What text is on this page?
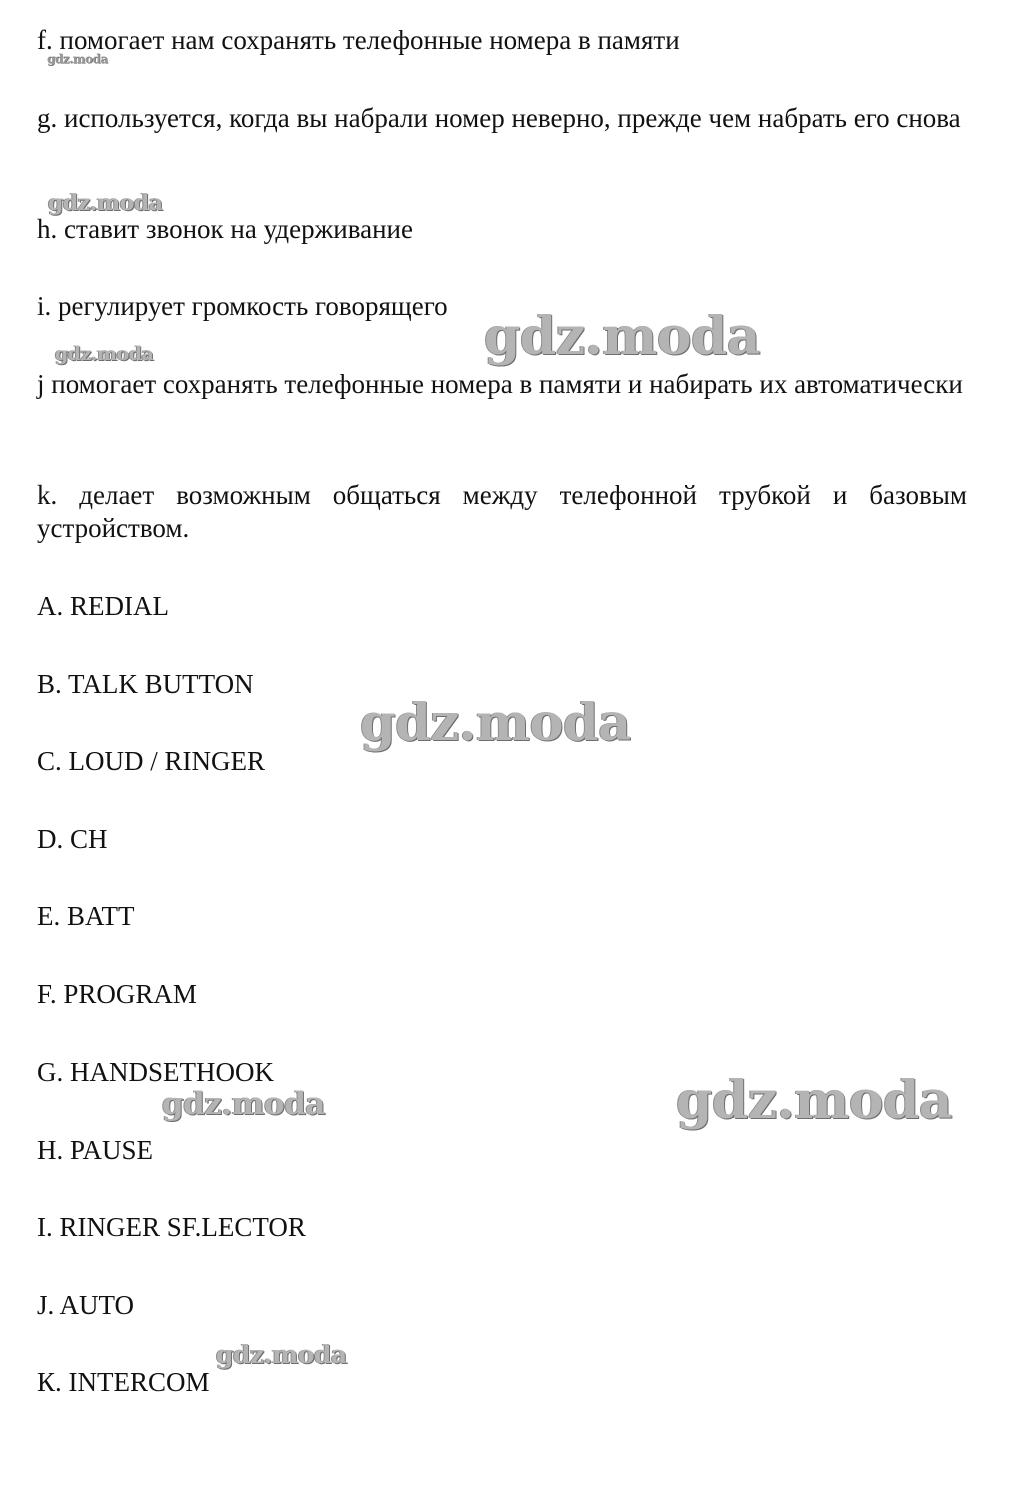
f. помогает нам сохранять телефонные номера в памяти

g. используется, когда вы набрали номер неверно, прежде чем набрать его снова

h. ставит звонок на удерживание

i. регулирует громкость говорящего

j помогает сохранять телефонные номера в памяти и набирать их автоматически

k. делает возможным общаться между телефонной трубкой и базовым устройством.

A. REDIAL

B. TALK BUTTON

C. LOUD / RINGER

D. CH

E. BATT

F. PROGRAM

G. HANDSETHOOK

H. PAUSE

I. RINGER SF.LECTOR

J. AUTO

К. INTERCOM

gdz.moda
gdz.moda
gdz.moda
gdz.moda
gdz.moda
gdz.moda
gdz.moda
gdz.moda
